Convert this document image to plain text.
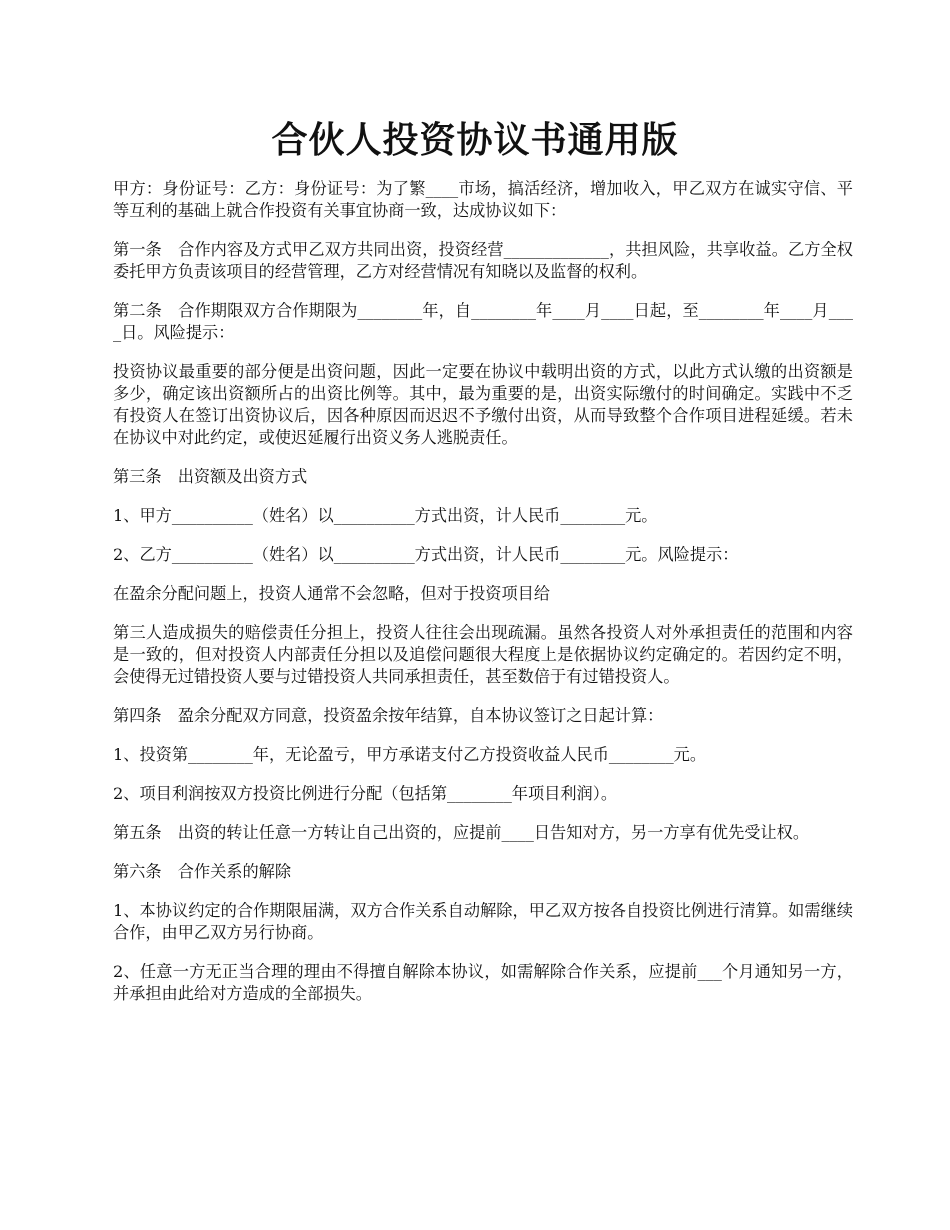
合伙人投资协议书通用版

甲方：身份证号：乙方：身份证号：为了繁____市场，搞活经济，增加收入，甲乙双方在诚实守信、平等互利的基础上就合作投资有关事宜协商一致，达成协议如下：

第一条　合作内容及方式甲乙双方共同出资，投资经营_____________，共担风险，共享收益。乙方全权委托甲方负责该项目的经营管理，乙方对经营情况有知晓以及监督的权利。

第二条　合作期限双方合作期限为________年，自________年____月____日起，至________年____月____日。风险提示：

投资协议最重要的部分便是出资问题，因此一定要在协议中载明出资的方式，以此方式认缴的出资额是多少，确定该出资额所占的出资比例等。其中，最为重要的是，出资实际缴付的时间确定。实践中不乏有投资人在签订出资协议后，因各种原因而迟迟不予缴付出资，从而导致整个合作项目进程延缓。若未在协议中对此约定，或使迟延履行出资义务人逃脱责任。

第三条　出资额及出资方式

1、甲方__________（姓名）以__________方式出资，计人民币________元。

2、乙方__________（姓名）以__________方式出资，计人民币________元。风险提示：

在盈余分配问题上，投资人通常不会忽略，但对于投资项目给

第三人造成损失的赔偿责任分担上，投资人往往会出现疏漏。虽然各投资人对外承担责任的范围和内容是一致的，但对投资人内部责任分担以及追偿问题很大程度上是依据协议约定确定的。若因约定不明，会使得无过错投资人要与过错投资人共同承担责任，甚至数倍于有过错投资人。

第四条　盈余分配双方同意，投资盈余按年结算，自本协议签订之日起计算：

1、投资第________年，无论盈亏，甲方承诺支付乙方投资收益人民币________元。

2、项目利润按双方投资比例进行分配（包括第________年项目利润）。

第五条　出资的转让任意一方转让自己出资的，应提前____日告知对方，另一方享有优先受让权。

第六条　合作关系的解除

1、本协议约定的合作期限届满，双方合作关系自动解除，甲乙双方按各自投资比例进行清算。如需继续合作，由甲乙双方另行协商。

2、任意一方无正当合理的理由不得擅自解除本协议，如需解除合作关系，应提前___个月通知另一方，并承担由此给对方造成的全部损失。
